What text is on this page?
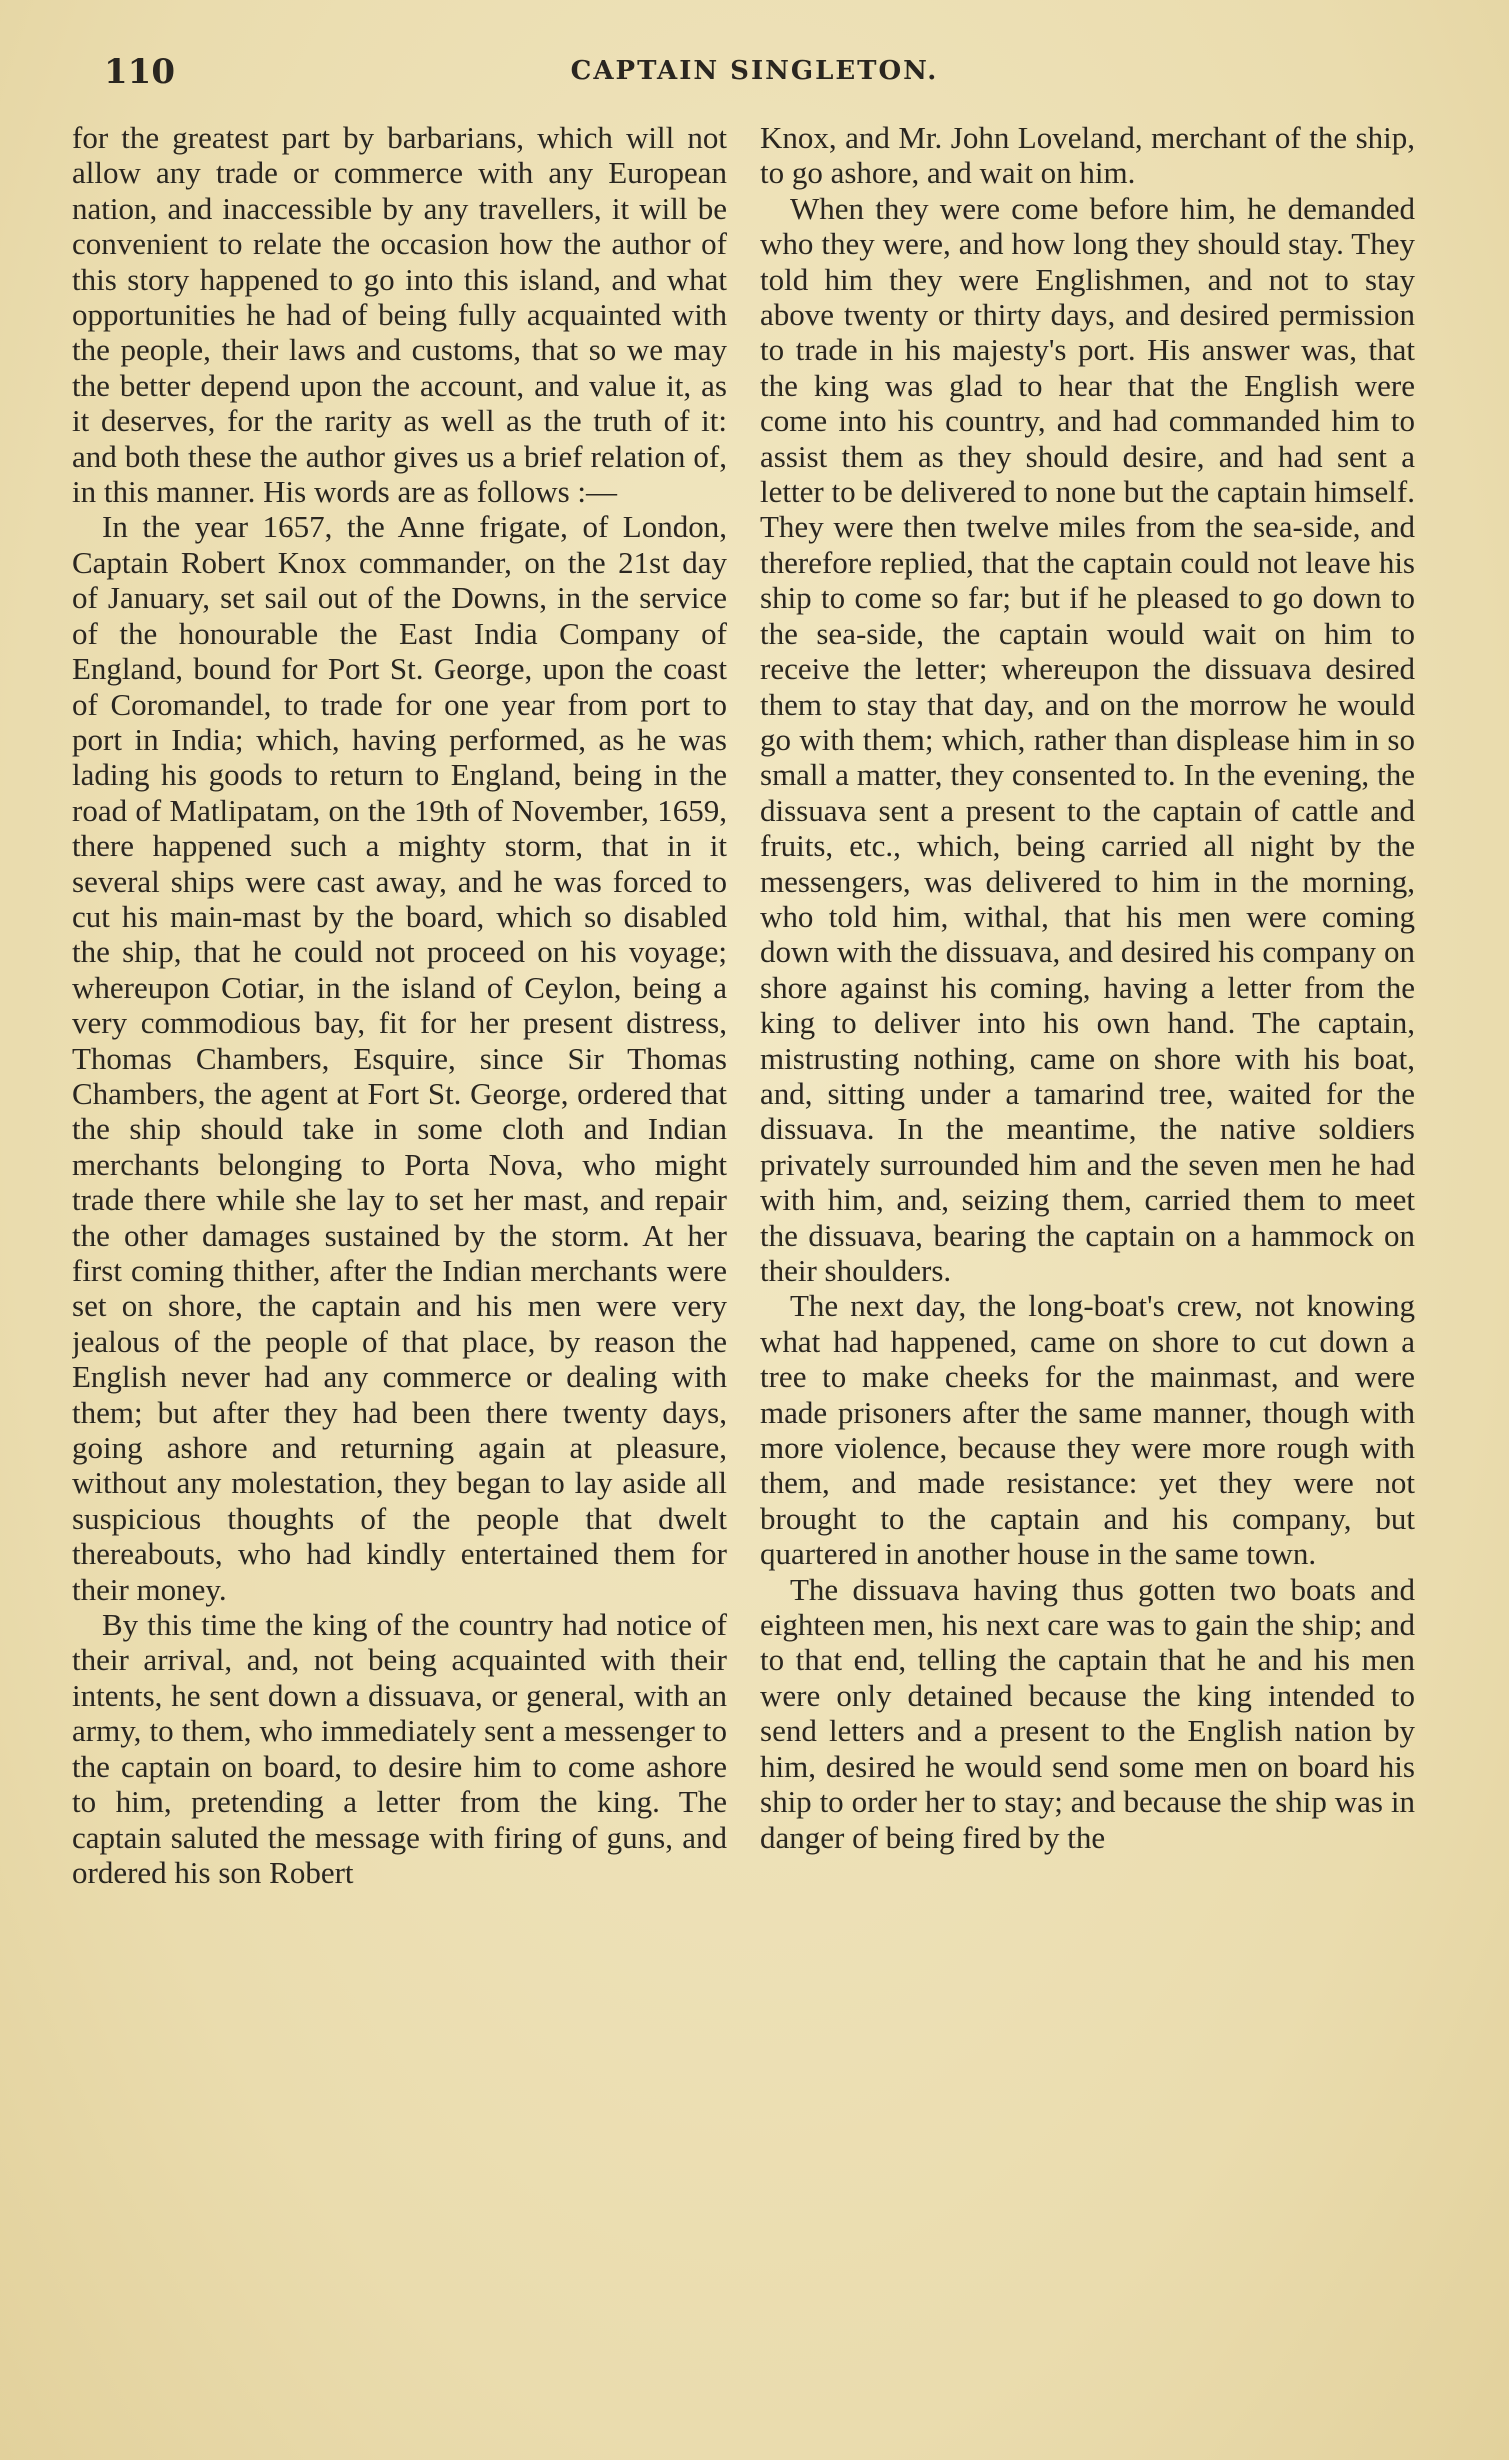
110	CAPTAIN SINGLETON.

for the greatest part by barbarians, which will not allow any trade or commerce with any European nation, and inaccessible by any travellers, it will be convenient to relate the occasion how the author of this story happened to go into this island, and what opportunities he had of being fully acquainted with the people, their laws and customs, that so we may the better depend upon the account, and value it, as it deserves, for the rarity as well as the truth of it: and both these the author gives us a brief relation of, in this manner. His words are as follows :—

In the year 1657, the Anne frigate, of London, Captain Robert Knox commander, on the 21st day of January, set sail out of the Downs, in the service of the honourable the East India Company of England, bound for Port St. George, upon the coast of Coromandel, to trade for one year from port to port in India; which, having performed, as he was lading his goods to return to England, being in the road of Matlipatam, on the 19th of November, 1659, there happened such a mighty storm, that in it several ships were cast away, and he was forced to cut his main-mast by the board, which so disabled the ship, that he could not proceed on his voyage; whereupon Cotiar, in the island of Ceylon, being a very commodious bay, fit for her present distress, Thomas Chambers, Esquire, since Sir Thomas Chambers, the agent at Fort St. George, ordered that the ship should take in some cloth and Indian merchants belonging to Porta Nova, who might trade there while she lay to set her mast, and repair the other damages sustained by the storm. At her first coming thither, after the Indian merchants were set on shore, the captain and his men were very jealous of the people of that place, by reason the English never had any commerce or dealing with them; but after they had been there twenty days, going ashore and returning again at pleasure, without any molestation, they began to lay aside all suspicious thoughts of the people that dwelt thereabouts, who had kindly entertained them for their money.

By this time the king of the country had notice of their arrival, and, not being acquainted with their intents, he sent down a dissuava, or general, with an army, to them, who immediately sent a messenger to the captain on board, to desire him to come ashore to him, pretending a letter from the king. The captain saluted the message with firing of guns, and ordered his son Robert

Knox, and Mr. John Loveland, merchant of the ship, to go ashore, and wait on him.

When they were come before him, he demanded who they were, and how long they should stay. They told him they were Englishmen, and not to stay above twenty or thirty days, and desired permission to trade in his majesty's port. His answer was, that the king was glad to hear that the English were come into his country, and had commanded him to assist them as they should desire, and had sent a letter to be delivered to none but the captain himself. They were then twelve miles from the sea-side, and therefore replied, that the captain could not leave his ship to come so far; but if he pleased to go down to the sea-side, the captain would wait on him to receive the letter; whereupon the dissuava desired them to stay that day, and on the morrow he would go with them; which, rather than displease him in so small a matter, they consented to. In the evening, the dissuava sent a present to the captain of cattle and fruits, etc., which, being carried all night by the messengers, was delivered to him in the morning, who told him, withal, that his men were coming down with the dissuava, and desired his company on shore against his coming, having a letter from the king to deliver into his own hand. The captain, mistrusting nothing, came on shore with his boat, and, sitting under a tamarind tree, waited for the dissuava. In the meantime, the native soldiers privately surrounded him and the seven men he had with him, and, seizing them, carried them to meet the dissuava, bearing the captain on a hammock on their shoulders.

The next day, the long-boat's crew, not knowing what had happened, came on shore to cut down a tree to make cheeks for the mainmast, and were made prisoners after the same manner, though with more violence, because they were more rough with them, and made resistance: yet they were not brought to the captain and his company, but quartered in another house in the same town.

The dissuava having thus gotten two boats and eighteen men, his next care was to gain the ship; and to that end, telling the captain that he and his men were only detained because the king intended to send letters and a present to the English nation by him, desired he would send some men on board his ship to order her to stay; and because the ship was in danger of being fired by the
